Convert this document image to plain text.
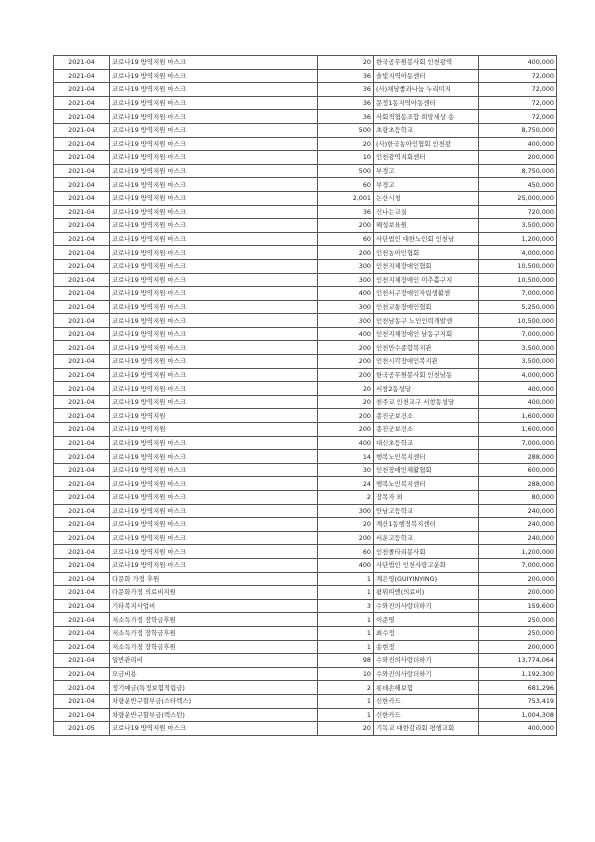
2021-04	코로나19 방역지원 마스크	20	한국공무원봉사회 인천광역	400,000
2021-04	코로나19 방역지원 마스크	36	솔빛지역아동센터	72,000
2021-04	코로나19 방역지원 마스크	36	(사)채당좋과나눔 누리미지	72,000
2021-04	코로나19 방역지원 마스크	36	문정1동지역아동센터	72,000
2021-04	코로나19 방역지원 마스크	36	사회적협동조합 희망세상 송	72,000
2021-04	코로나19 방역지원 마스크	500	초량초등학교	8,750,000
2021-04	코로나19 방역지원 마스크	20	(사)한국농아인협회 인천광	400,000
2021-04	코로나19 방역지원 마스크	10	인천광역지회센터	200,000
2021-04	코로나19 방역지원 마스크	500	부경고	8,750,000
2021-04	코로나19 방역지원 마스크	60	부경고	450,000
2021-04	코로나19 방역지원 마스크	2,001	논산시청	25,000,000
2021-04	코로나19 방역지원 마스크	36	신나는교실	720,000
2021-04	코로나19 방역지원 마스크	200	해성보육원	3,500,000
2021-04	코로나19 방역지원 마스크	60	사단법인 대한노인회 인천남	1,200,000
2021-04	코로나19 방역지원 마스크	200	인천농아인협회	4,000,000
2021-04	코로나19 방역지원 마스크	300	인천지체장애인협회	10,500,000
2021-04	코로나19 방역지원 마스크	300	인천지체장애인 미추홀구지	10,500,000
2021-04	코로나19 방역지원 마스크	400	인천서구장애인자립생활센	7,000,000
2021-04	코로나19 방역지원 마스크	300	인천교통장애인협회	5,250,000
2021-04	코로나19 방역지원 마스크	300	인천남동구 노인인력개발센	10,500,000
2021-04	코로나19 방역지원 마스크	400	인천지체장애인 남동구지회	7,000,000
2021-04	코로나19 방역지원 마스크	200	인천만수종합복지관	3,500,000
2021-04	코로나19 방역지원 마스크	200	인천시각장애인복지관	3,500,000
2021-04	코로나19 방역지원 마스크	200	한국공무원봉사회 인천남동	4,000,000
2021-04	코로나19 방역지원 마스크	20	서창2동성당	400,000
2021-04	코로나19 방역지원 마스크	20	천주교 인천교구 서창동성당	400,000
2021-04	코로나19 방역지원	200	종진군보건소	1,600,000
2021-04	코로나19 방역지원	200	종진군보건소	1,600,000
2021-04	코로나19 방역지원 마스크	400	대신초등학교	7,000,000
2021-04	코로나19 방역지원 마스크	14	행복노인복지센터	288,000
2021-04	코로나19 방역지원 마스크	30	인천장애인체활협회	600,000
2021-04	코로나19 방역지원 마스크	24	행복노인복지센터	288,000
2021-04	코로나19 방역지원 마스크	2	장목자 외	80,000
2021-04	코로나19 방역지원 마스크	300	안남고등학교	240,000
2021-04	코로나19 방역지원 마스크	20	계산1동행정복지센터	240,000
2021-04	코로나19 방역지원 마스크	200	서운고등학교	240,000
2021-04	코로나19 방역지원 마스크	60	인천졸타리봉사회	1,200,000
2021-04	코로나19 방역지원 마스크	400	사단법인 인천사랑고운화	7,000,000
2021-04	다문화 가정 후원	1	계은영(GUIYINYING)	200,000
2021-04	다문화가정 의료비지원	1	팜뮈띠엔(의료비)	200,000
2021-04	기타복지사업비	3	수와진의사랑더하기	159,600
2021-04	저소득가정 장학금후원	1	이준영	250,000
2021-04	저소득가정 장학금후원	1	최수정	250,000
2021-04	저소득가정 장학금후원	1	송현정	200,000
2021-04	일반관리비	98	수와진의사랑더하기	13,774,064
2021-04	모금비용	10	수와진의사랑더하기	1,192,300
2021-04	정기예금(특정보험적립금)	2	롯데손해보험	681,296
2021-04	차량운반구할부금(스타렉스)	1	신한카드	753,419
2021-04	차량운반구할부금(렉스턴)	1	신한카드	1,004,308
2021-05	코로나19 방역지원 마스크	20	기독교 대한감리회 평행교회	400,000
